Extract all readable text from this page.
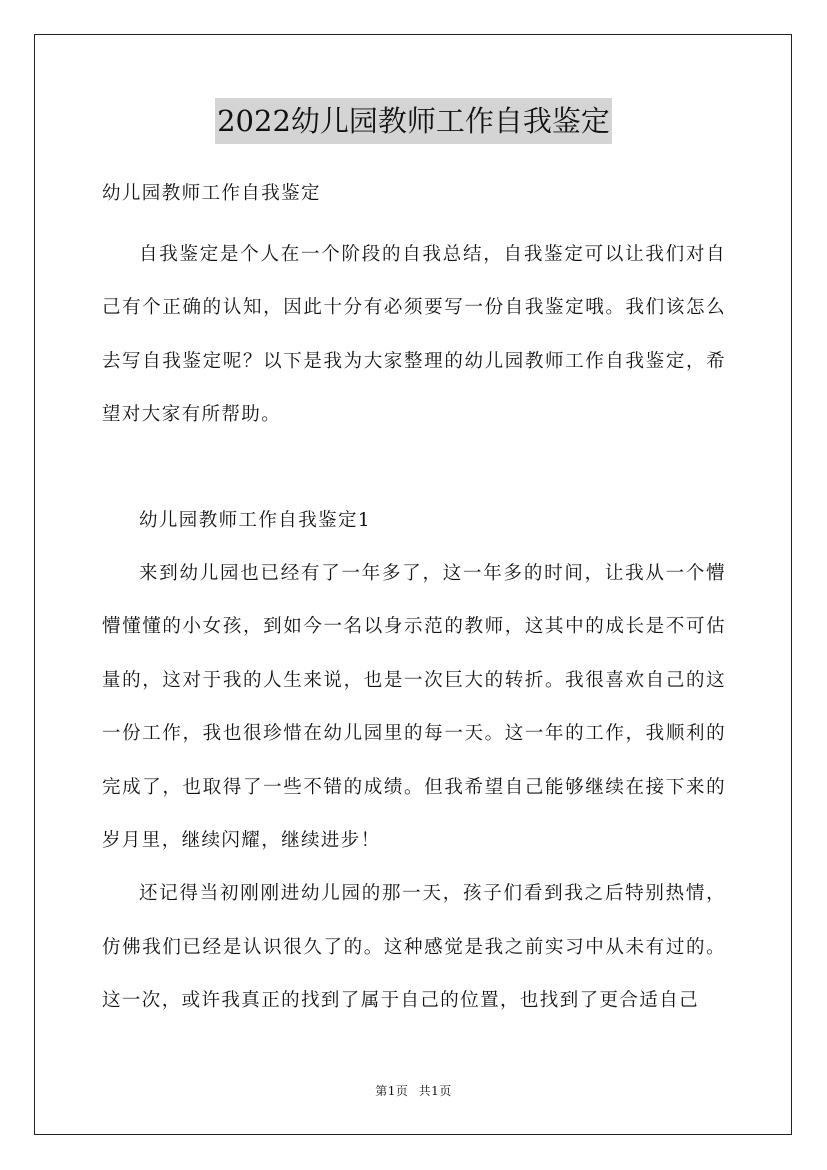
2022幼儿园教师工作自我鉴定

幼儿园教师工作自我鉴定

自我鉴定是个人在一个阶段的自我总结，自我鉴定可以让我们对自己有个正确的认知，因此十分有必须要写一份自我鉴定哦。我们该怎么去写自我鉴定呢？以下是我为大家整理的幼儿园教师工作自我鉴定，希望对大家有所帮助。

幼儿园教师工作自我鉴定1

来到幼儿园也已经有了一年多了，这一年多的时间，让我从一个懵懵懂懂的小女孩，到如今一名以身示范的教师，这其中的成长是不可估量的，这对于我的人生来说，也是一次巨大的转折。我很喜欢自己的这一份工作，我也很珍惜在幼儿园里的每一天。这一年的工作，我顺利的完成了，也取得了一些不错的成绩。但我希望自己能够继续在接下来的岁月里，继续闪耀，继续进步！

还记得当初刚刚进幼儿园的那一天，孩子们看到我之后特别热情，仿佛我们已经是认识很久了的。这种感觉是我之前实习中从未有过的。这一次，或许我真正的找到了属于自己的位置，也找到了更合适自己

第1页 共1页
